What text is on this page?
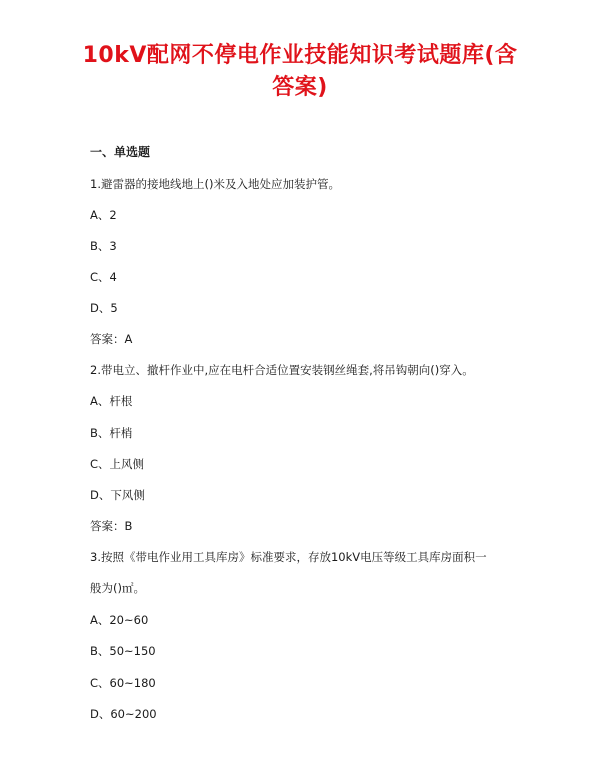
10kV配网不停电作业技能知识考试题库(含
答案)
一、单选题
1.避雷器的接地线地上()米及入地处应加装护管。
A、2
B、3
C、4
D、5
答案：A
2.带电立、撤杆作业中,应在电杆合适位置安装钢丝绳套,将吊钩朝向()穿入。
A、杆根
B、杆梢
C、上风侧
D、下风侧
答案：B
3.按照《带电作业用工具库房》标准要求，存放10kV电压等级工具库房面积一
般为()㎡。
A、20~60
B、50~150
C、60~180
D、60~200
